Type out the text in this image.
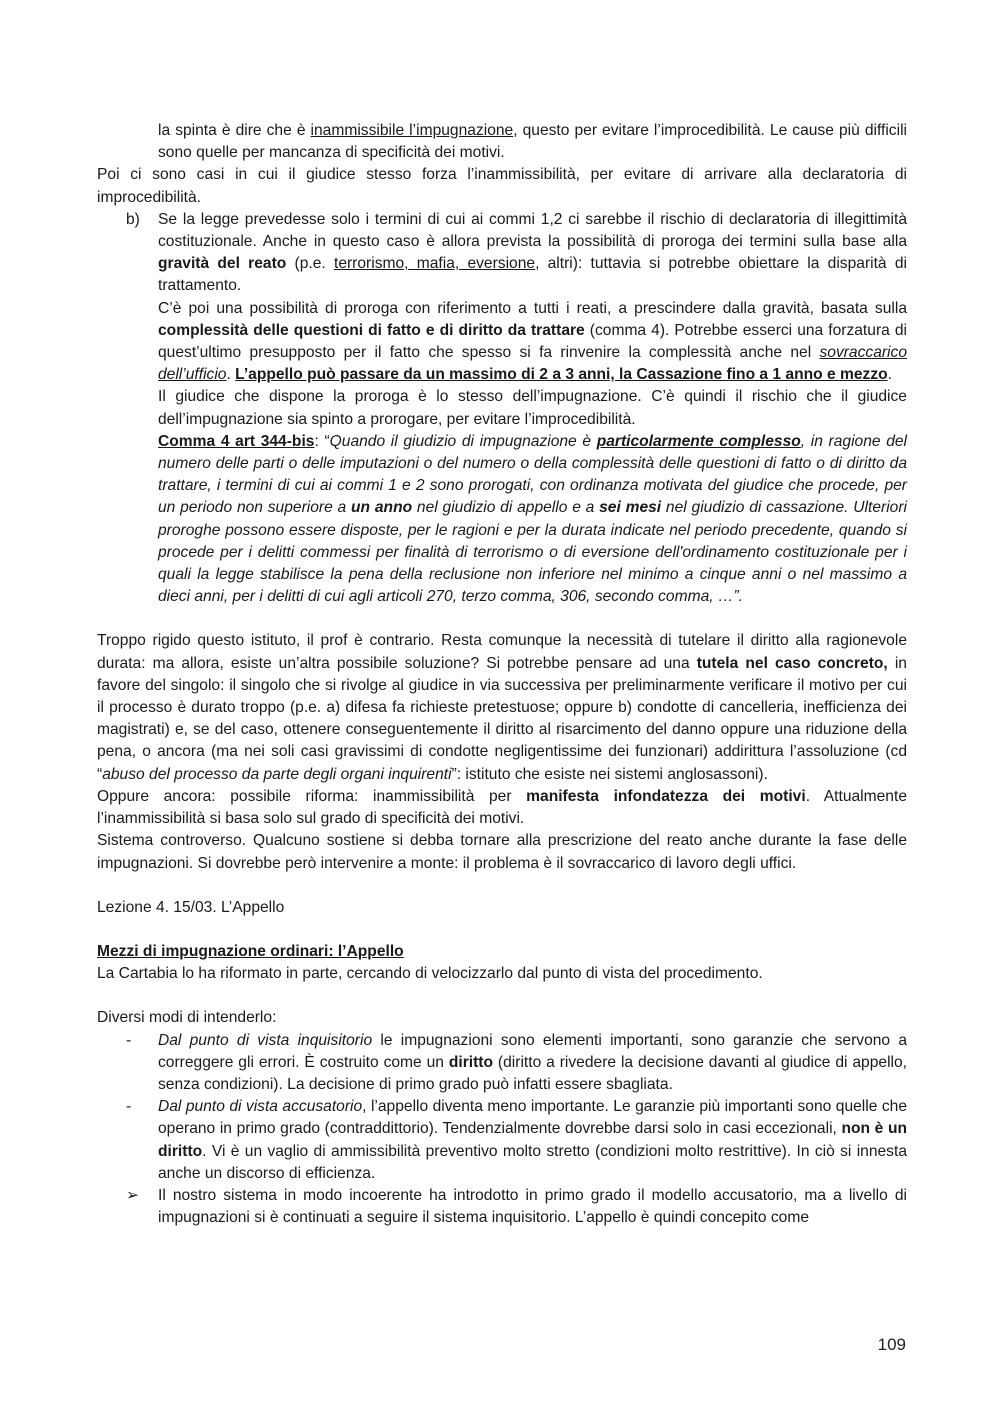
la spinta è dire che è inammissibile l’impugnazione, questo per evitare l’improcedibilità. Le cause più difficili sono quelle per mancanza di specificità dei motivi.

Poi ci sono casi in cui il giudice stesso forza l’inammissibilità, per evitare di arrivare alla declaratoria di improcedibilità.

b) Se la legge prevedesse solo i termini di cui ai commi 1,2 ci sarebbe il rischio di declaratoria di illegittimità costituzionale. Anche in questo caso è allora prevista la possibilità di proroga dei termini sulla base alla gravità del reato (p.e. terrorismo, mafia, eversione, altri): tuttavia si potrebbe obiettare la disparità di trattamento.

C’è poi una possibilità di proroga con riferimento a tutti i reati, a prescindere dalla gravità, basata sulla complessità delle questioni di fatto e di diritto da trattare (comma 4). Potrebbe esserci una forzatura di quest’ultimo presupposto per il fatto che spesso si fa rinvenire la complessità anche nel sovraccarico dell’ufficio. L’appello può passare da un massimo di 2 a 3 anni, la Cassazione fino a 1 anno e mezzo.

Il giudice che dispone la proroga è lo stesso dell’impugnazione. C’è quindi il rischio che il giudice dell’impugnazione sia spinto a prorogare, per evitare l’improcedibilità.

Comma 4 art 344-bis: “Quando il giudizio di impugnazione è particolarmente complesso, in ragione del numero delle parti o delle imputazioni o del numero o della complessità delle questioni di fatto o di diritto da trattare, i termini di cui ai commi 1 e 2 sono prorogati, con ordinanza motivata del giudice che procede, per un periodo non superiore a un anno nel giudizio di appello e a sei mesi nel giudizio di cassazione. Ulteriori proroghe possono essere disposte, per le ragioni e per la durata indicate nel periodo precedente, quando si procede per i delitti commessi per finalità di terrorismo o di eversione dell'ordinamento costituzionale per i quali la legge stabilisce la pena della reclusione non inferiore nel minimo a cinque anni o nel massimo a dieci anni, per i delitti di cui agli articoli 270, terzo comma, 306, secondo comma, …”.

Troppo rigido questo istituto, il prof è contrario. Resta comunque la necessità di tutelare il diritto alla ragionevole durata: ma allora, esiste un’altra possibile soluzione? Si potrebbe pensare ad una tutela nel caso concreto, in favore del singolo: il singolo che si rivolge al giudice in via successiva per preliminarmente verificare il motivo per cui il processo è durato troppo (p.e. a) difesa fa richieste pretestuose; oppure b) condotte di cancelleria, inefficienza dei magistrati) e, se del caso, ottenere conseguentemente il diritto al risarcimento del danno oppure una riduzione della pena, o ancora (ma nei soli casi gravissimi di condotte negligentissime dei funzionari) addirittura l’assoluzione (cd “abuso del processo da parte degli organi inquirenti”: istituto che esiste nei sistemi anglosassoni).

Oppure ancora: possibile riforma: inammissibilità per manifesta infondatezza dei motivi. Attualmente l’inammissibilità si basa solo sul grado di specificità dei motivi.

Sistema controverso. Qualcuno sostiene si debba tornare alla prescrizione del reato anche durante la fase delle impugnazioni. Si dovrebbe però intervenire a monte: il problema è il sovraccarico di lavoro degli uffici.

Lezione 4. 15/03. L’Appello

Mezzi di impugnazione ordinari: l’Appello

La Cartabia lo ha riformato in parte, cercando di velocizzarlo dal punto di vista del procedimento.

Diversi modi di intenderlo:

- Dal punto di vista inquisitorio le impugnazioni sono elementi importanti, sono garanzie che servono a correggere gli errori. È costruito come un diritto (diritto a rivedere la decisione davanti al giudice di appello, senza condizioni). La decisione di primo grado può infatti essere sbagliata.

- Dal punto di vista accusatorio, l’appello diventa meno importante. Le garanzie più importanti sono quelle che operano in primo grado (contraddittorio). Tendenzialmente dovrebbe darsi solo in casi eccezionali, non è un diritto. Vi è un vaglio di ammissibilità preventivo molto stretto (condizioni molto restrittive). In ciò si innesta anche un discorso di efficienza.

➢ Il nostro sistema in modo incoerente ha introdotto in primo grado il modello accusatorio, ma a livello di impugnazioni si è continuati a seguire il sistema inquisitorio. L’appello è quindi concepito come

109
